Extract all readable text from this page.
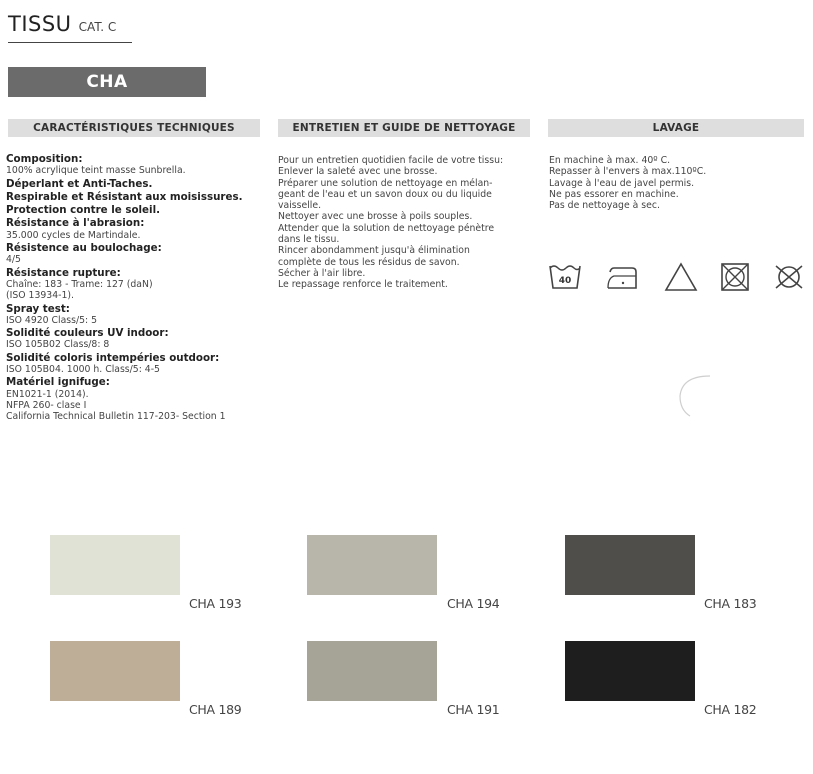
TISSU CAT. C
CHA
CARACTÉRISTIQUES TECHNIQUES	ENTRETIEN ET GUIDE DE NETTOYAGE	LAVAGE
Composition:
100% acrylique teint masse Sunbrella.
Déperlant et Anti-Taches.
Respirable et Résistant aux moisissures.
Protection contre le soleil.
Résistance à l'abrasion:
35.000 cycles de Martindale.
Résistence au boulochage:
4/5
Résistance rupture:
Chaîne: 183 - Trame: 127 (daN)
(ISO 13934-1).
Spray test:
ISO 4920 Class/5: 5
Solidité couleurs UV indoor:
ISO 105B02 Class/8: 8
Solidité coloris intempéries outdoor:
ISO 105B04. 1000 h. Class/5: 4-5
Matériel ignifuge:
EN1021-1 (2014).
NFPA 260- clase I
California Technical Bulletin 117-203- Section 1
Pour un entretien quotidien facile de votre tissu:
Enlever la saleté avec une brosse.
Préparer une solution de nettoyage en mélan-
geant de l'eau et un savon doux ou du liquide
vaisselle.
Nettoyer avec une brosse à poils souples.
Attender que la solution de nettoyage pénètre
dans le tissu.
Rincer abondamment jusqu'à élimination
complète de tous les résidus de savon.
Sécher à l'air libre.
Le repassage renforce le traitement.
En machine à max. 40º C.
Repasser à l'envers à max.110ºC.
Lavage à l'eau de javel permis.
Ne pas essorer en machine.
Pas de nettoyage à sec.
40
CHA 193	CHA 194	CHA 183
CHA 189	CHA 191	CHA 182
